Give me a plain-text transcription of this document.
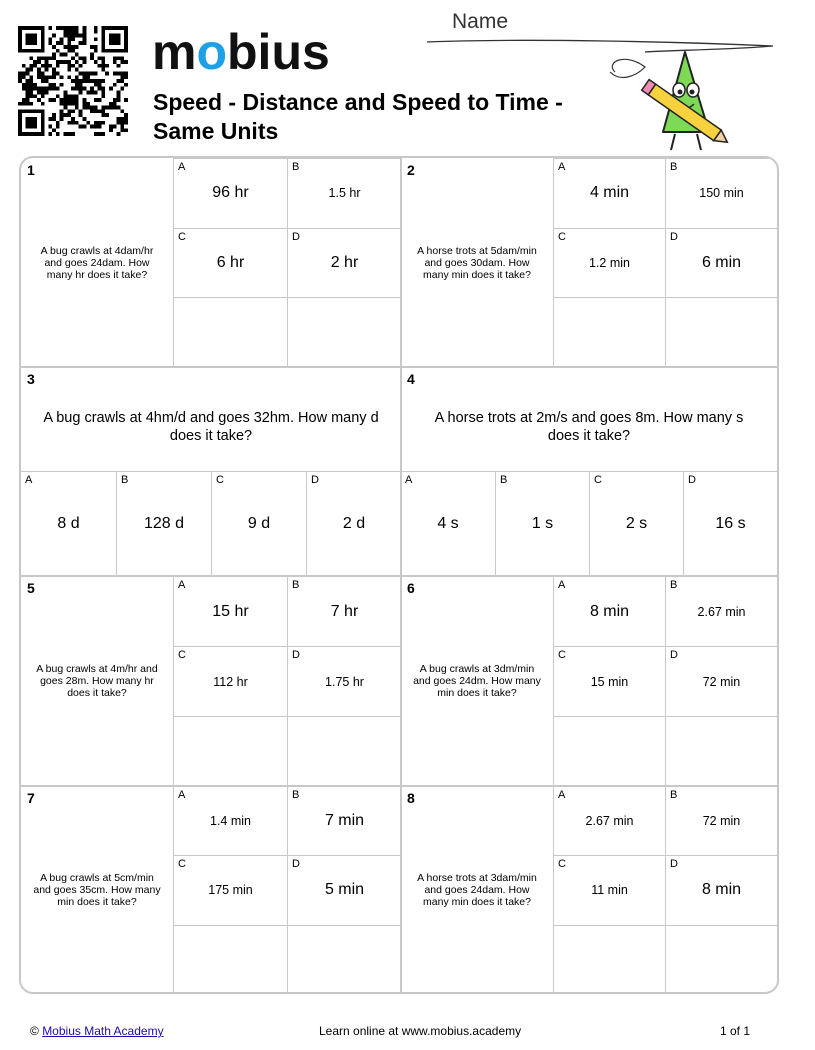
mobius
Speed - Distance and Speed to Time - Same Units
Name
1
A bug crawls at 4dam/hr and goes 24dam. How many hr does it take?
A
96 hr
B
1.5 hr
C
6 hr
D
2 hr
2
A horse trots at 5dam/min and goes 30dam. How many min does it take?
A
4 min
B
150 min
C
1.2 min
D
6 min
3
A bug crawls at 4hm/d and goes 32hm. How many d does it take?
A
8 d
B
128 d
C
9 d
D
2 d
4
A horse trots at 2m/s and goes 8m. How many s does it take?
A
4 s
B
1 s
C
2 s
D
16 s
5
A bug crawls at 4m/hr and goes 28m. How many hr does it take?
A
15 hr
B
7 hr
C
112 hr
D
1.75 hr
6
A bug crawls at 3dm/min and goes 24dm. How many min does it take?
A
8 min
B
2.67 min
C
15 min
D
72 min
7
A bug crawls at 5cm/min and goes 35cm. How many min does it take?
A
1.4 min
B
7 min
C
175 min
D
5 min
8
A horse trots at 3dam/min and goes 24dam. How many min does it take?
A
2.67 min
B
72 min
C
11 min
D
8 min
© Mobius Math Academy	Learn online at www.mobius.academy	1 of 1
